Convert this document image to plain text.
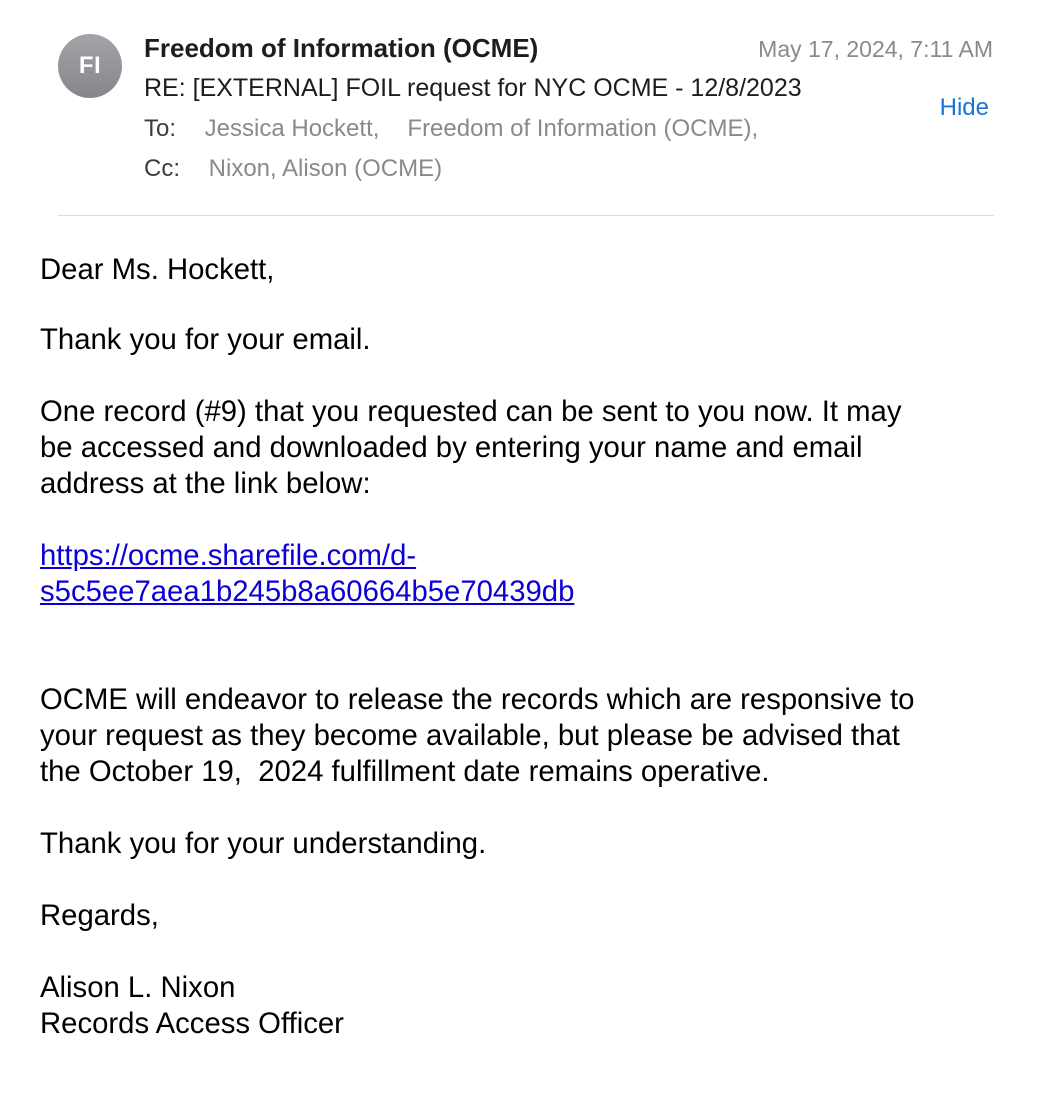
FI
Freedom of Information (OCME)	May 17, 2024, 7:11 AM
RE: [EXTERNAL] FOIL request for NYC OCME - 12/8/2023
Hide
To: Jessica Hockett, Freedom of Information (OCME),
Cc: Nixon, Alison (OCME)

Dear Ms. Hockett,

Thank you for your email.

One record (#9) that you requested can be sent to you now. It may
be accessed and downloaded by entering your name and email
address at the link below:

https://ocme.sharefile.com/d-
s5c5ee7aea1b245b8a60664b5e70439db

OCME will endeavor to release the records which are responsive to
your request as they become available, but please be advised that
the October 19,  2024 fulfillment date remains operative.

Thank you for your understanding.

Regards,

Alison L. Nixon
Records Access Officer
